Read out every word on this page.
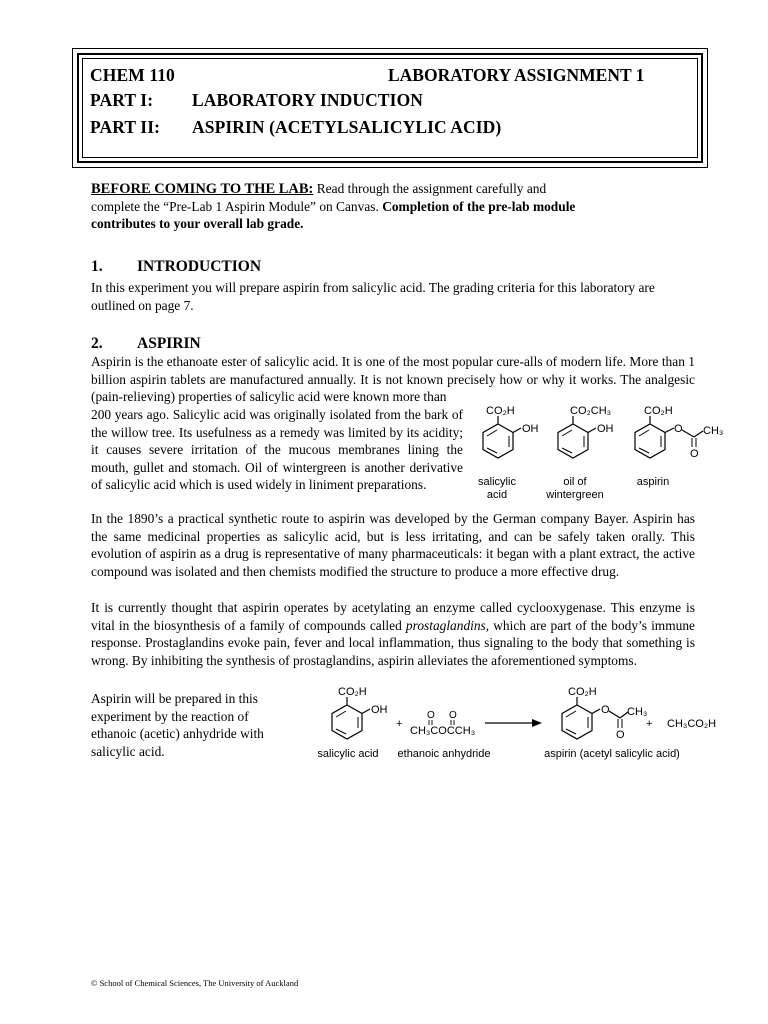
CHEM 110	LABORATORY ASSIGNMENT 1
PART I: LABORATORY INDUCTION
PART II: ASPIRIN (ACETYLSALICYLIC ACID)
BEFORE COMING TO THE LAB: Read through the assignment carefully and
complete the “Pre-Lab 1 Aspirin Module” on Canvas. Completion of the pre-lab module
contributes to your overall lab grade.
1. INTRODUCTION
In this experiment you will prepare aspirin from salicylic acid. The grading criteria for this laboratory are outlined on page 7.
2. ASPIRIN
Aspirin is the ethanoate ester of salicylic acid. It is one of the most popular cure-alls of modern life. More than 1 billion aspirin tablets are manufactured annually. It is not known precisely how or why it works. The analgesic (pain-relieving) properties of salicylic acid were known more than
200 years ago. Salicylic acid was originally isolated from the bark of the willow tree. Its usefulness as a remedy was limited by its acidity; it causes severe irritation of the mucous membranes lining the mouth, gullet and stomach. Oil of wintergreen is another derivative of salicylic acid which is used widely in liniment preparations.
CO₂H
OH
salicylic
acid
CO₂CH₃
OH
oil of
wintergreen
O
O
CH₃
CO₂H
aspirin
In the 1890’s a practical synthetic route to aspirin was developed by the German company Bayer. Aspirin has the same medicinal properties as salicylic acid, but is less irritating, and can be safely taken orally. This evolution of aspirin as a drug is representative of many pharmaceuticals: it began with a plant extract, the active compound was isolated and then chemists modified the structure to produce a more effective drug.
It is currently thought that aspirin operates by acetylating an enzyme called cyclooxygenase. This enzyme is vital in the biosynthesis of a family of compounds called prostaglandins, which are part of the body’s immune response. Prostaglandins evoke pain, fever and local inflammation, thus signaling to the body that something is wrong. By inhibiting the synthesis of prostaglandins, aspirin alleviates the aforementioned symptoms.
Aspirin will be prepared in this experiment by the reaction of ethanoic (acetic) anhydride with salicylic acid.
CO₂H
OH
salicylic acid
+
O O
CH₃COCCH₃
ethanoic anhydride
CO₂H
O
O
CH₃
aspirin (acetyl salicylic acid)
+ CH₃CO₂H
© School of Chemical Sciences, The University of Auckland
